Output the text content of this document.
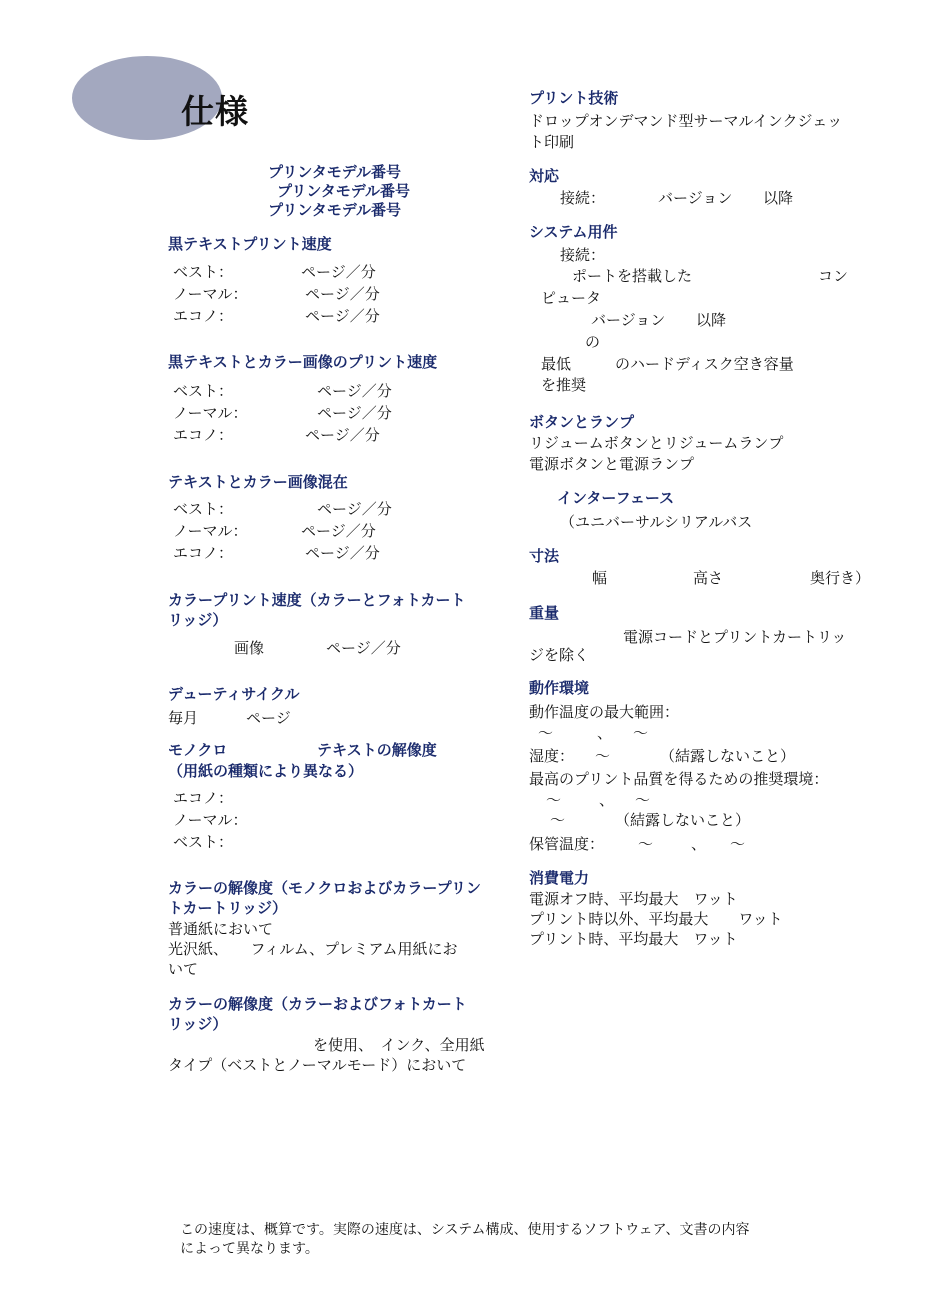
仕様
プリンタモデル番号
プリンタモデル番号
プリンタモデル番号
黒テキストプリント速度
ベスト：	ページ／分
ノーマル：	ページ／分
エコノ：	ページ／分
黒テキストとカラー画像のプリント速度
ベスト：	ページ／分
ノーマル：	ページ／分
エコノ：	ページ／分
テキストとカラー画像混在
ベスト：	ページ／分
ノーマル：	ページ／分
エコノ：	ページ／分
カラープリント速度（カラーとフォトカート
リッジ）
画像	ページ／分
デューティサイクル
毎月	ページ
モノクロ	テキストの解像度
（用紙の種類により異なる）
エコノ：
ノーマル：
ベスト：
カラーの解像度（モノクロおよびカラープリン
トカートリッジ）
普通紙において
光沢紙、　　フィルム、プレミアム用紙にお
いて
カラーの解像度（カラーおよびフォトカート
リッジ）
を使用、　インク、全用紙
タイプ（ベストとノーマルモード）において
プリント技術
ドロップオンデマンド型サーマルインクジェッ
ト印刷
対応
接続：	バージョン 以降
システム用件
接続：
ポートを搭載した	コン
ピュータ
バージョン 以降
の
最低	のハードディスク空き容量
を推奨
ボタンとランプ
リジュームボタンとリジュームランプ
電源ボタンと電源ランプ
インターフェース
（ユニバーサルシリアルバス
寸法
幅	高さ	奥行き）
重量
電源コードとプリントカートリッ
ジを除く
動作環境
動作温度の最大範囲：
〜	、 〜
湿度： 〜	（結露しないこと）
最高のプリント品質を得るための推奨環境：
〜	、 〜
〜	（結露しないこと）
保管温度： 〜	、 〜
消費電力
電源オフ時、平均最大　ワット
プリント時以外、平均最大　　ワット
プリント時、平均最大　ワット
この速度は、概算です。実際の速度は、システム構成、使用するソフトウェア、文書の内容
によって異なります。
